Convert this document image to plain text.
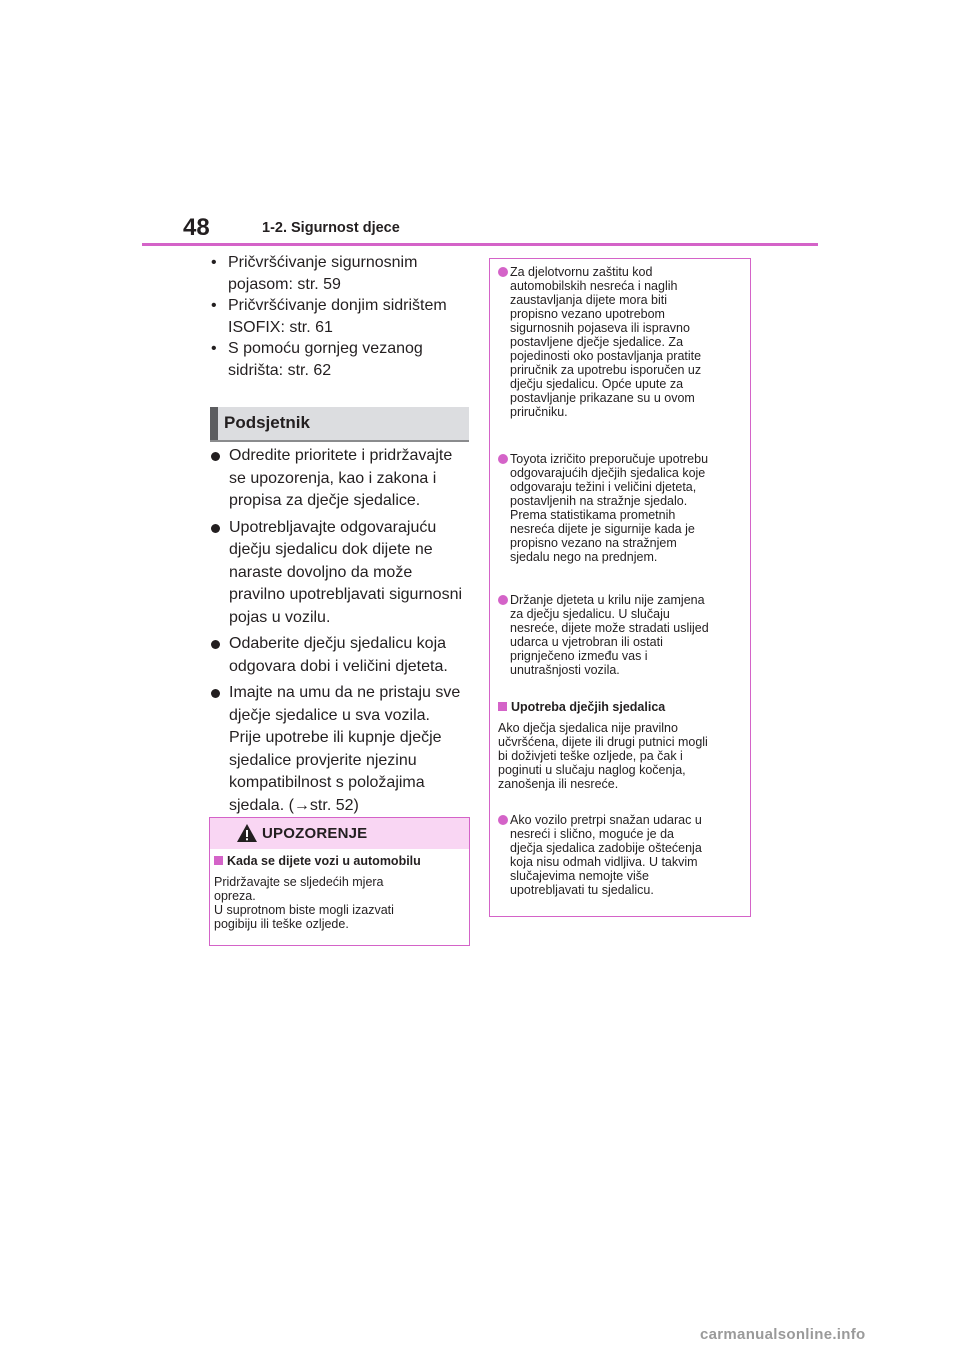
48	1-2. Sigurnost djece
• Pričvršćivanje sigurnosnim
pojasom: str. 59
• Pričvršćivanje donjim sidrištem
ISOFIX: str. 61
• S pomoću gornjeg vezanog
sidrišta: str. 62
Podsjetnik
Odredite prioritete i pridržavajte
se upozorenja, kao i zakona i
propisa za dječje sjedalice.
Upotrebljavajte odgovarajuću
dječju sjedalicu dok dijete ne
naraste dovoljno da može
pravilno upotrebljavati sigurnosni
pojas u vozilu.
Odaberite dječju sjedalicu koja
odgovara dobi i veličini djeteta.
Imajte na umu da ne pristaju sve
dječje sjedalice u sva vozila.
Prije upotrebe ili kupnje dječje
sjedalice provjerite njezinu
kompatibilnost s položajima
sjedala. (→str. 52)
UPOZORENJE
Kada se dijete vozi u automobilu
Pridržavajte se sljedećih mjera
opreza.
U suprotnom biste mogli izazvati
pogibiju ili teške ozljede.
Za djelotvornu zaštitu kod
automobilskih nesreća i naglih
zaustavljanja dijete mora biti
propisno vezano upotrebom
sigurnosnih pojaseva ili ispravno
postavljene dječje sjedalice. Za
pojedinosti oko postavljanja pratite
priručnik za upotrebu isporučen uz
dječju sjedalicu. Opće upute za
postavljanje prikazane su u ovom
priručniku.
Toyota izričito preporučuje upotrebu
odgovarajućih dječjih sjedalica koje
odgovaraju težini i veličini djeteta,
postavljenih na stražnje sjedalo.
Prema statistikama prometnih
nesreća dijete je sigurnije kada je
propisno vezano na stražnjem
sjedalu nego na prednjem.
Držanje djeteta u krilu nije zamjena
za dječju sjedalicu. U slučaju
nesreće, dijete može stradati uslijed
udarca u vjetrobran ili ostati
prignječeno između vas i
unutrašnjosti vozila.
Upotreba dječjih sjedalica
Ako dječja sjedalica nije pravilno
učvršćena, dijete ili drugi putnici mogli
bi doživjeti teške ozljede, pa čak i
poginuti u slučaju naglog kočenja,
zanošenja ili nesreće.
Ako vozilo pretrpi snažan udarac u
nesreći i slično, moguće je da
dječja sjedalica zadobije oštećenja
koja nisu odmah vidljiva. U takvim
slučajevima nemojte više
upotrebljavati tu sjedalicu.
carmanualsonline.info
